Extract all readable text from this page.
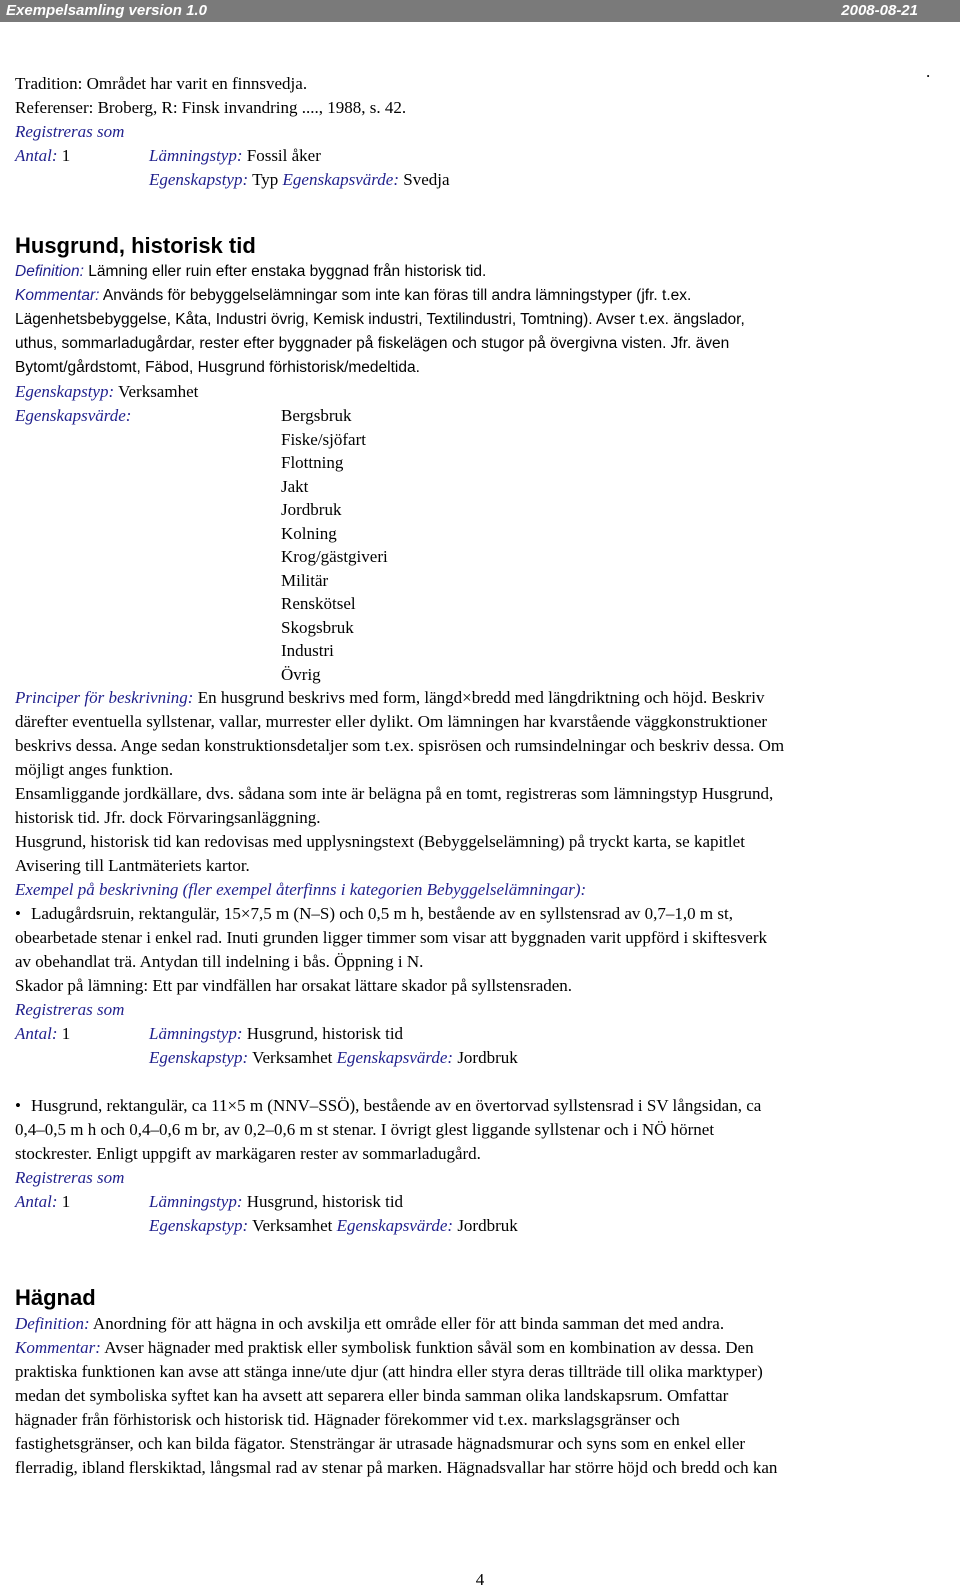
Exempelsamling version 1.0	2008-08-21
.
Tradition: Området har varit en finnsvedja.
Referenser: Broberg, R: Finsk invandring ...., 1988, s. 42.
Registreras som
Antal: 1	Lämningstyp: Fossil åker
Egenskapstyp: Typ Egenskapsvärde: Svedja
Husgrund, historisk tid
Definition: Lämning eller ruin efter enstaka byggnad från historisk tid.
Kommentar: Används för bebyggelselämningar som inte kan föras till andra lämningstyper (jfr. t.ex.
Lägenhetsbebyggelse, Kåta, Industri övrig, Kemisk industri, Textilindustri, Tomtning). Avser t.ex. ängslador,
uthus, sommarladugårdar, rester efter byggnader på fiskelägen och stugor på övergivna visten. Jfr. även
Bytomt/gårdstomt, Fäbod, Husgrund förhistorisk/medeltida.
Egenskapstyp: Verksamhet
Egenskapsvärde:	Bergsbruk
Fiske/sjöfart
Flottning
Jakt
Jordbruk
Kolning
Krog/gästgiveri
Militär
Renskötsel
Skogsbruk
Industri
Övrig
Principer för beskrivning: En husgrund beskrivs med form, längd×bredd med längdriktning och höjd. Beskriv
därefter eventuella syllstenar, vallar, murrester eller dylikt. Om lämningen har kvarstående väggkonstruktioner
beskrivs dessa. Ange sedan konstruktionsdetaljer som t.ex. spisrösen och rumsindelningar och beskriv dessa. Om
möjligt anges funktion.
Ensamliggande jordkällare, dvs. sådana som inte är belägna på en tomt, registreras som lämningstyp Husgrund,
historisk tid. Jfr. dock Förvaringsanläggning.
Husgrund, historisk tid kan redovisas med upplysningstext (Bebyggelselämning) på tryckt karta, se kapitlet
Avisering till Lantmäteriets kartor.
Exempel på beskrivning (fler exempel återfinns i kategorien Bebyggelselämningar):
• Ladugårdsruin, rektangulär, 15×7,5 m (N–S) och 0,5 m h, bestående av en syllstensrad av 0,7–1,0 m st,
obearbetade stenar i enkel rad. Inuti grunden ligger timmer som visar att byggnaden varit uppförd i skiftesverk
av obehandlat trä. Antydan till indelning i bås. Öppning i N.
Skador på lämning: Ett par vindfällen har orsakat lättare skador på syllstensraden.
Registreras som
Antal: 1	Lämningstyp: Husgrund, historisk tid
Egenskapstyp: Verksamhet Egenskapsvärde: Jordbruk
• Husgrund, rektangulär, ca 11×5 m (NNV–SSÖ), bestående av en övertorvad syllstensrad i SV långsidan, ca
0,4–0,5 m h och 0,4–0,6 m br, av 0,2–0,6 m st stenar. I övrigt glest liggande syllstenar och i NÖ hörnet
stockrester. Enligt uppgift av markägaren rester av sommarladugård.
Registreras som
Antal: 1	Lämningstyp: Husgrund, historisk tid
Egenskapstyp: Verksamhet Egenskapsvärde: Jordbruk
Hägnad
Definition: Anordning för att hägna in och avskilja ett område eller för att binda samman det med andra.
Kommentar: Avser hägnader med praktisk eller symbolisk funktion såväl som en kombination av dessa. Den
praktiska funktionen kan avse att stänga inne/ute djur (att hindra eller styra deras tillträde till olika marktyper)
medan det symboliska syftet kan ha avsett att separera eller binda samman olika landskapsrum. Omfattar
hägnader från förhistorisk och historisk tid. Hägnader förekommer vid t.ex. markslagsgränser och
fastighetsgränser, och kan bilda fägator. Stensträngar är utrasade hägnadsmurar och syns som en enkel eller
flerradig, ibland flerskiktad, långsmal rad av stenar på marken. Hägnadsvallar har större höjd och bredd och kan
4
